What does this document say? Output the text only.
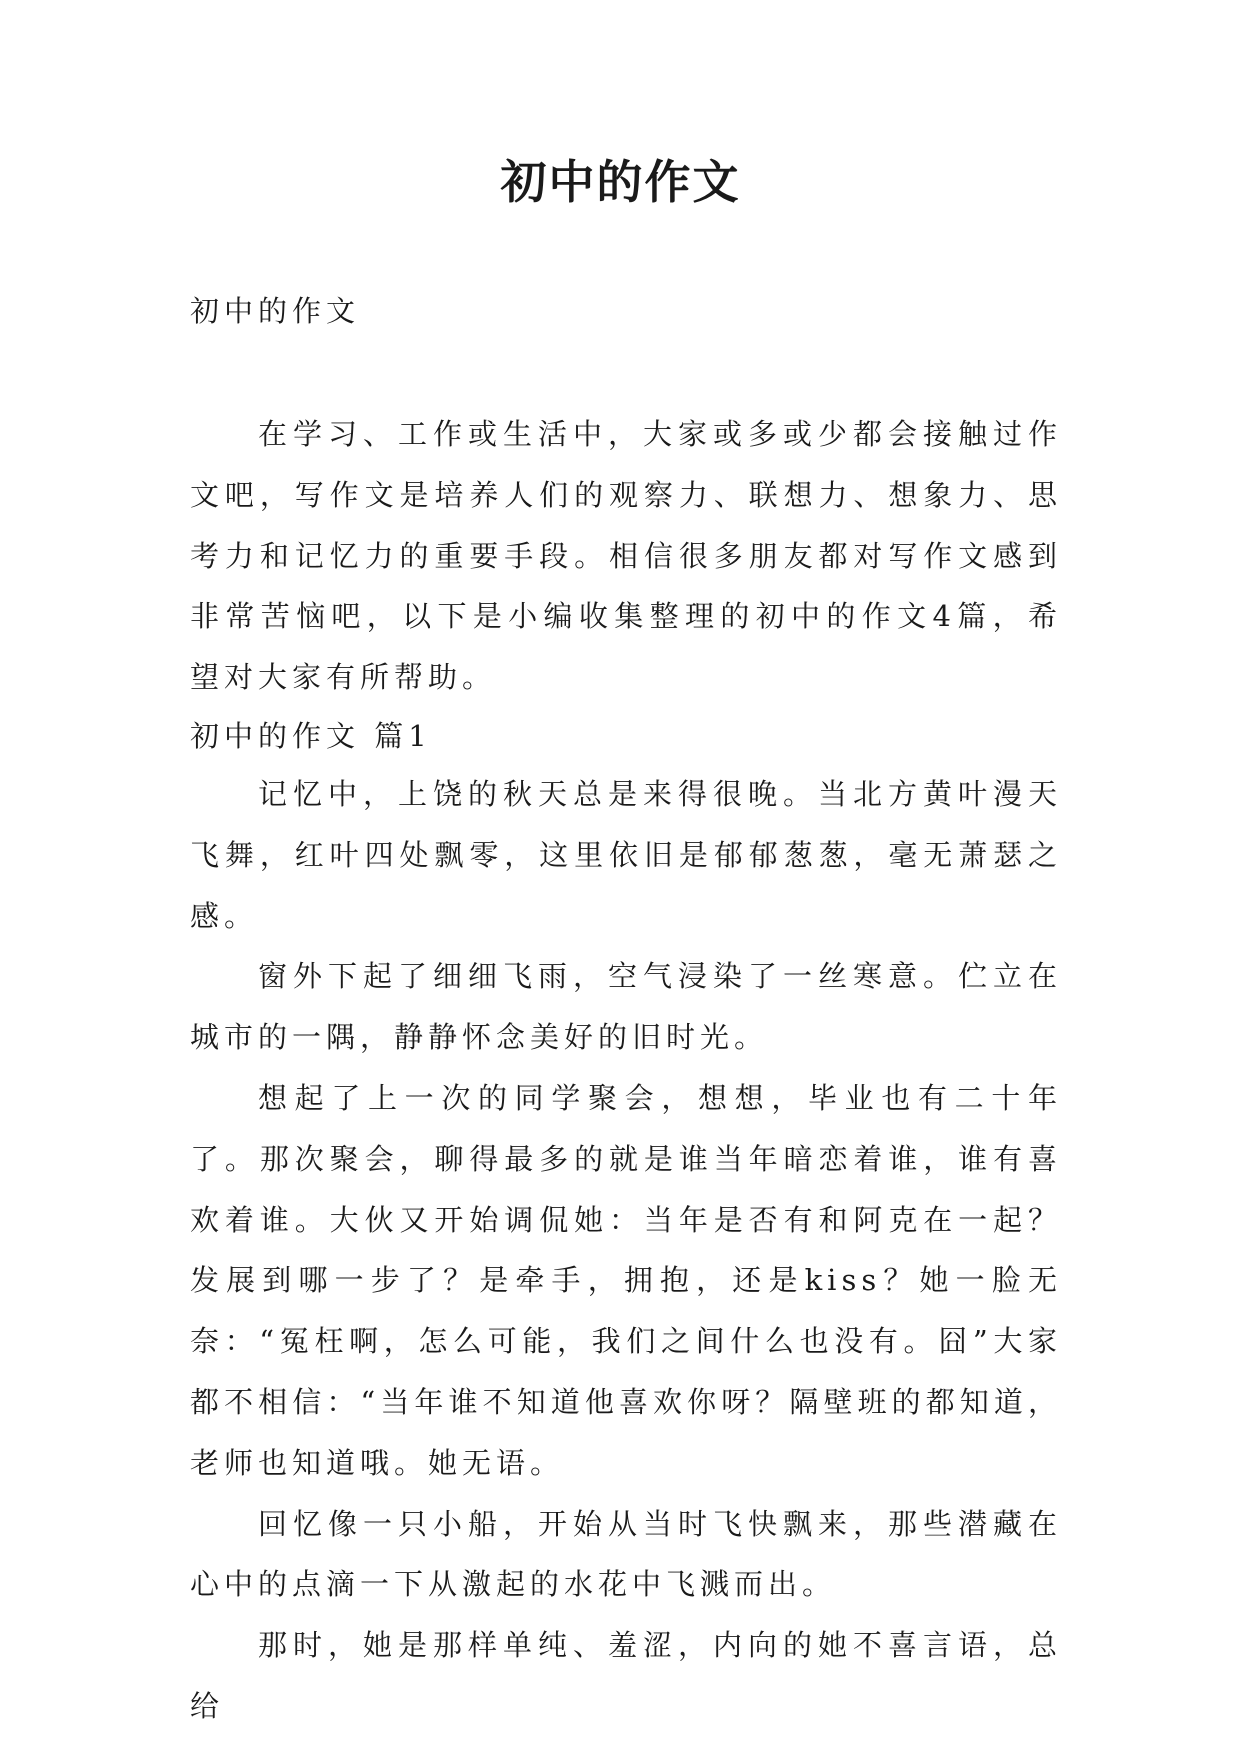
初中的作文

初中的作文

在学习、工作或生活中，大家或多或少都会接触过作文吧，写作文是培养人们的观察力、联想力、想象力、思考力和记忆力的重要手段。相信很多朋友都对写作文感到非常苦恼吧，以下是小编收集整理的初中的作文4篇，希望对大家有所帮助。

初中的作文 篇1

记忆中，上饶的秋天总是来得很晚。当北方黄叶漫天飞舞，红叶四处飘零，这里依旧是郁郁葱葱，毫无萧瑟之感。

窗外下起了细细飞雨，空气浸染了一丝寒意。伫立在城市的一隅，静静怀念美好的旧时光。

想起了上一次的同学聚会，想想，毕业也有二十年了。那次聚会，聊得最多的就是谁当年暗恋着谁，谁有喜欢着谁。大伙又开始调侃她：当年是否有和阿克在一起？发展到哪一步了？是牵手，拥抱，还是kiss？她一脸无奈：“冤枉啊，怎么可能，我们之间什么也没有。囧”大家都不相信：“当年谁不知道他喜欢你呀？隔壁班的都知道，老师也知道哦。她无语。

回忆像一只小船，开始从当时飞快飘来，那些潜藏在心中的点滴一下从激起的水花中飞溅而出。

那时，她是那样单纯、羞涩，内向的她不喜言语，总给
